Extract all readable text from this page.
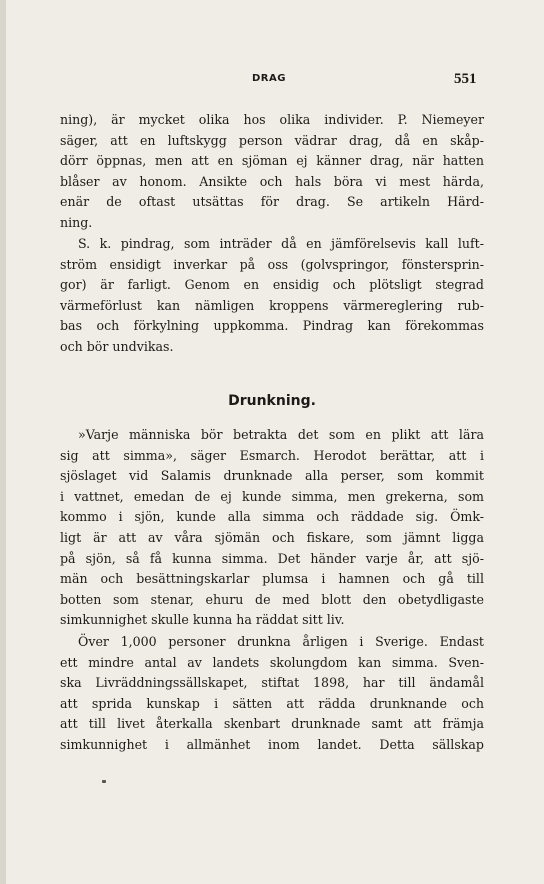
DRAG	551
ning), är mycket olika hos olika individer. P. Niemeyer
säger, att en luftskygg person vädrar drag, då en skåp-
dörr öppnas, men att en sjöman ej känner drag, när hatten
blåser av honom. Ansikte och hals böra vi mest härda,
enär de oftast utsättas för drag. Se artikeln Härd-
ning.
S. k. pindrag, som inträder då en jämförelsevis kall luft-
ström ensidigt inverkar på oss (golvspringor, fönstersprin-
gor) är farligt. Genom en ensidig och plötsligt stegrad
värmeförlust kan nämligen kroppens värmereglering rub-
bas och förkylning uppkomma. Pindrag kan förekommas
och bör undvikas.
Drunkning.
»Varje människa bör betrakta det som en plikt att lära
sig att simma», säger Esmarch. Herodot berättar, att i
sjöslaget vid Salamis drunknade alla perser, som kommit
i vattnet, emedan de ej kunde simma, men grekerna, som
kommo i sjön, kunde alla simma och räddade sig. Ömk-
ligt är att av våra sjömän och fiskare, som jämnt ligga
på sjön, så få kunna simma. Det händer varje år, att sjö-
män och besättningskarlar plumsa i hamnen och gå till
botten som stenar, ehuru de med blott den obetydligaste
simkunnighet skulle kunna ha räddat sitt liv.
Över 1,000 personer drunkna årligen i Sverige. Endast
ett mindre antal av landets skolungdom kan simma. Sven-
ska Livräddningssällskapet, stiftat 1898, har till ändamål
att sprida kunskap i sätten att rädda drunknande och
att till livet återkalla skenbart drunknade samt att främja
simkunnighet i allmänhet inom landet. Detta sällskap
